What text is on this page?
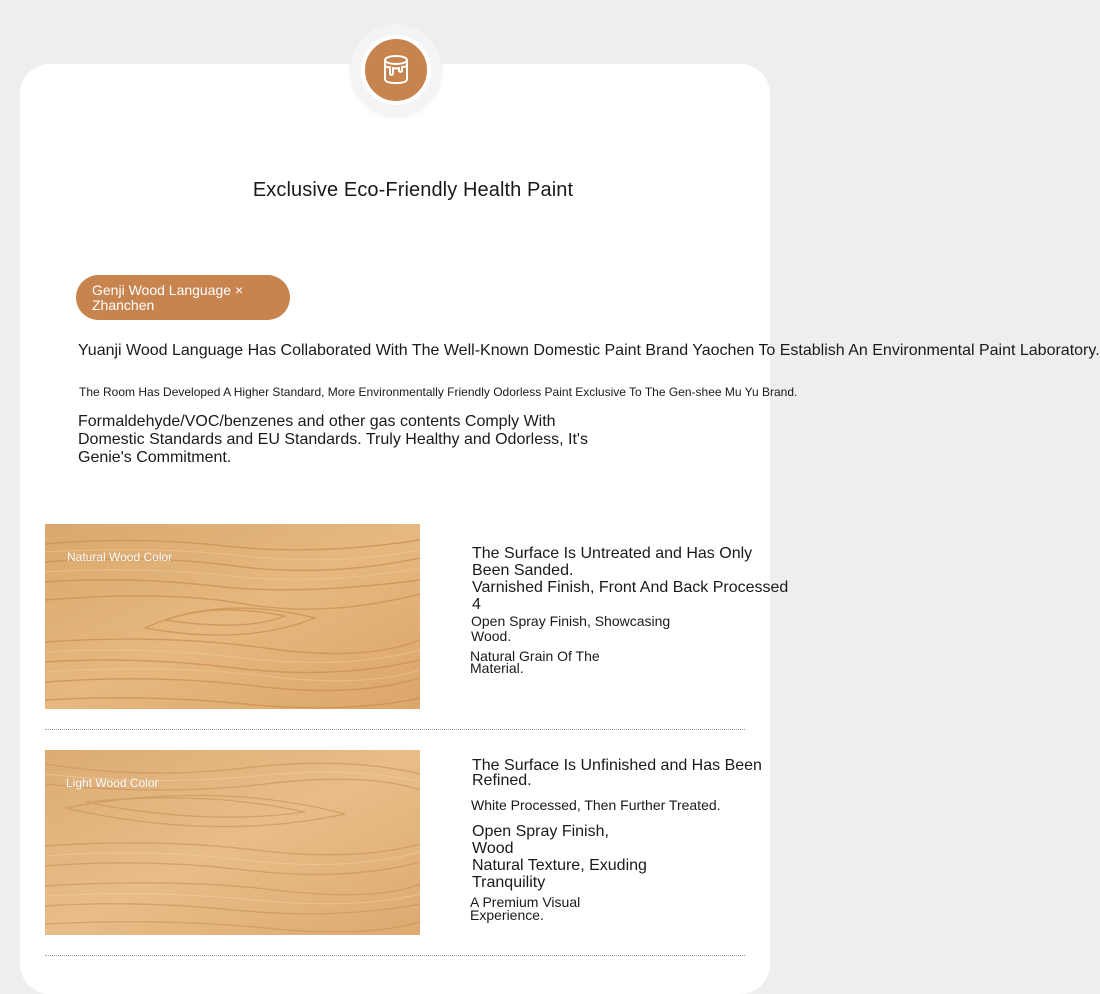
Exclusive Eco-Friendly Health Paint
Genji Wood Language × Zhanchen
Yuanji Wood Language Has Collaborated With The Well-Known Domestic Paint Brand Yaochen To Establish An Environmental Paint Laboratory.
The Room Has Developed A Higher Standard, More Environmentally Friendly Odorless Paint Exclusive To The Gen-shee Mu Yu Brand.
Formaldehyde/VOC/benzenes and other gas contents Comply With Domestic Standards and EU Standards. Truly Healthy and Odorless, It's Genie's Commitment.
Natural Wood Color	The Surface Is Untreated and Has Only Been Sanded.
Varnished Finish, Front And Back Processed 4
Open Spray Finish, Showcasing Wood.
Natural Grain Of The Material.
Light Wood Color
The Surface Is Unfinished and Has Been Refined.
White Processed, Then Further Treated.
Open Spray Finish, Wood
Natural Texture, Exuding Tranquility
A Premium Visual Experience.
